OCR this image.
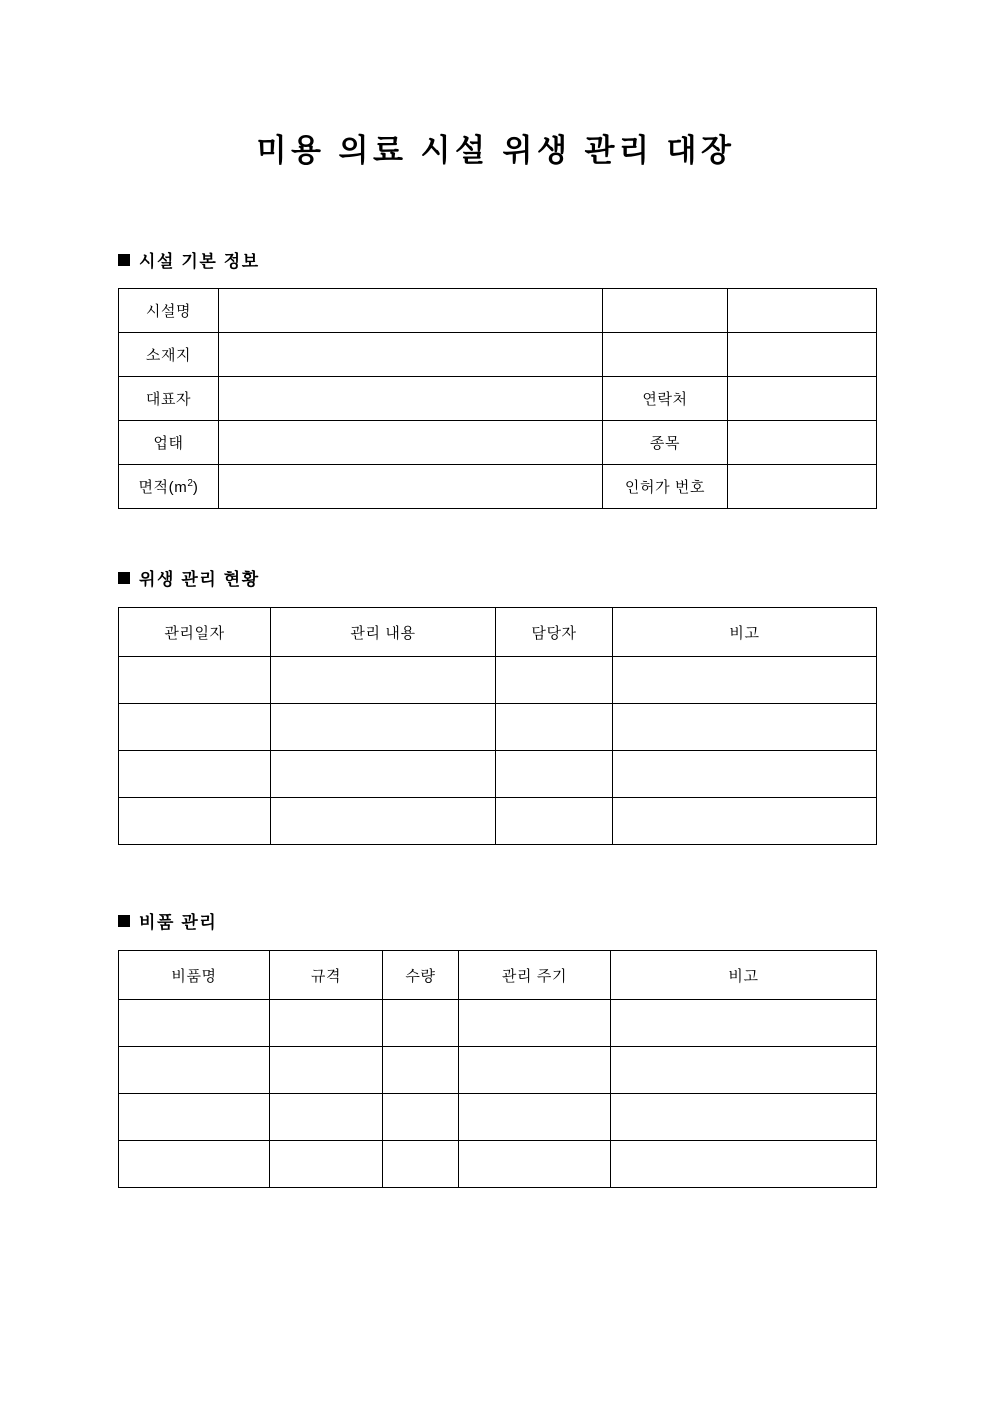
미용 의료 시설 위생 관리 대장
시설 기본 정보
시설명			
소재지			
대표자		연락처	
업태		종목	
면적$(m^2)$		인허가 번호	
위생 관리 현황
관리일자	관리 내용	담당자	비고

비품 관리
비품명	규격	수량	관리 주기	비고
